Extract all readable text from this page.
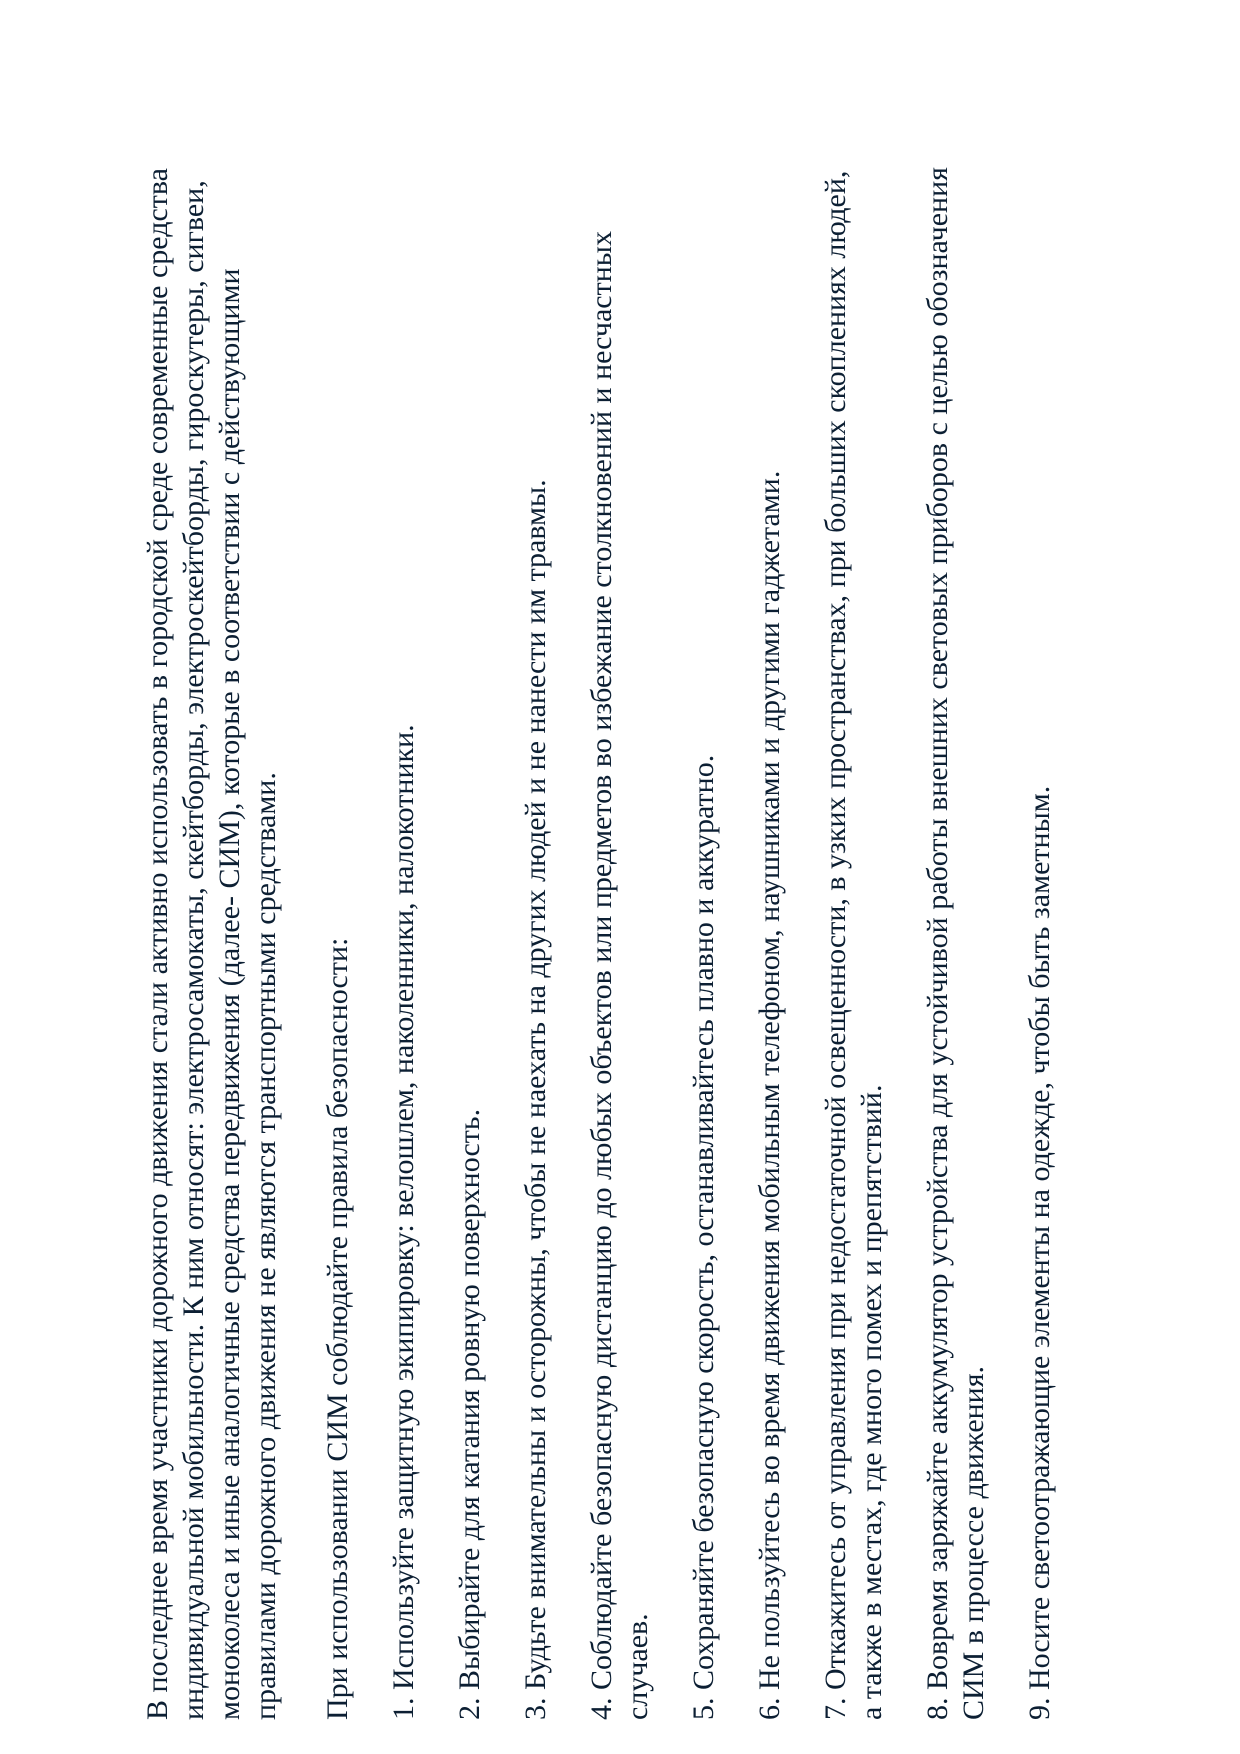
В последнее время участники дорожного движения стали активно использовать в городской среде современные средства индивидуальной мобильности. К ним относят: электросамокаты, скейтборды, электроскейтборды, гироскутеры, сигвеи, моноколеса и иные аналогичные средства передвижения (далее- СИМ), которые в соответствии с действующими правилами дорожного движения не являются транспортными средствами. При использовании СИМ соблюдайте правила безопасности: 1. Используйте защитную экипировку: велошлем, наколенники, налокотники. 2. Выбирайте для катания ровную поверхность. 3. Будьте внимательны и осторожны, чтобы не наехать на других людей и не нанести им травмы. 4. Соблюдайте безопасную дистанцию до любых объектов или предметов во избежание столкновений и несчастных случаев. 5. Сохраняйте безопасную скорость, останавливайтесь плавно и аккуратно. 6. Не пользуйтесь во время движения мобильным телефоном, наушниками и другими гаджетами. 7. Откажитесь от управления при недостаточной освещенности, в узких пространствах, при больших скоплениях людей, а также в местах, где много помех и препятствий. 8. Вовремя заряжайте аккумулятор устройства для устойчивой работы внешних световых приборов с целью обозначения СИМ в процессе движения. 9. Носите светоотражающие элементы на одежде, чтобы быть заметным.
